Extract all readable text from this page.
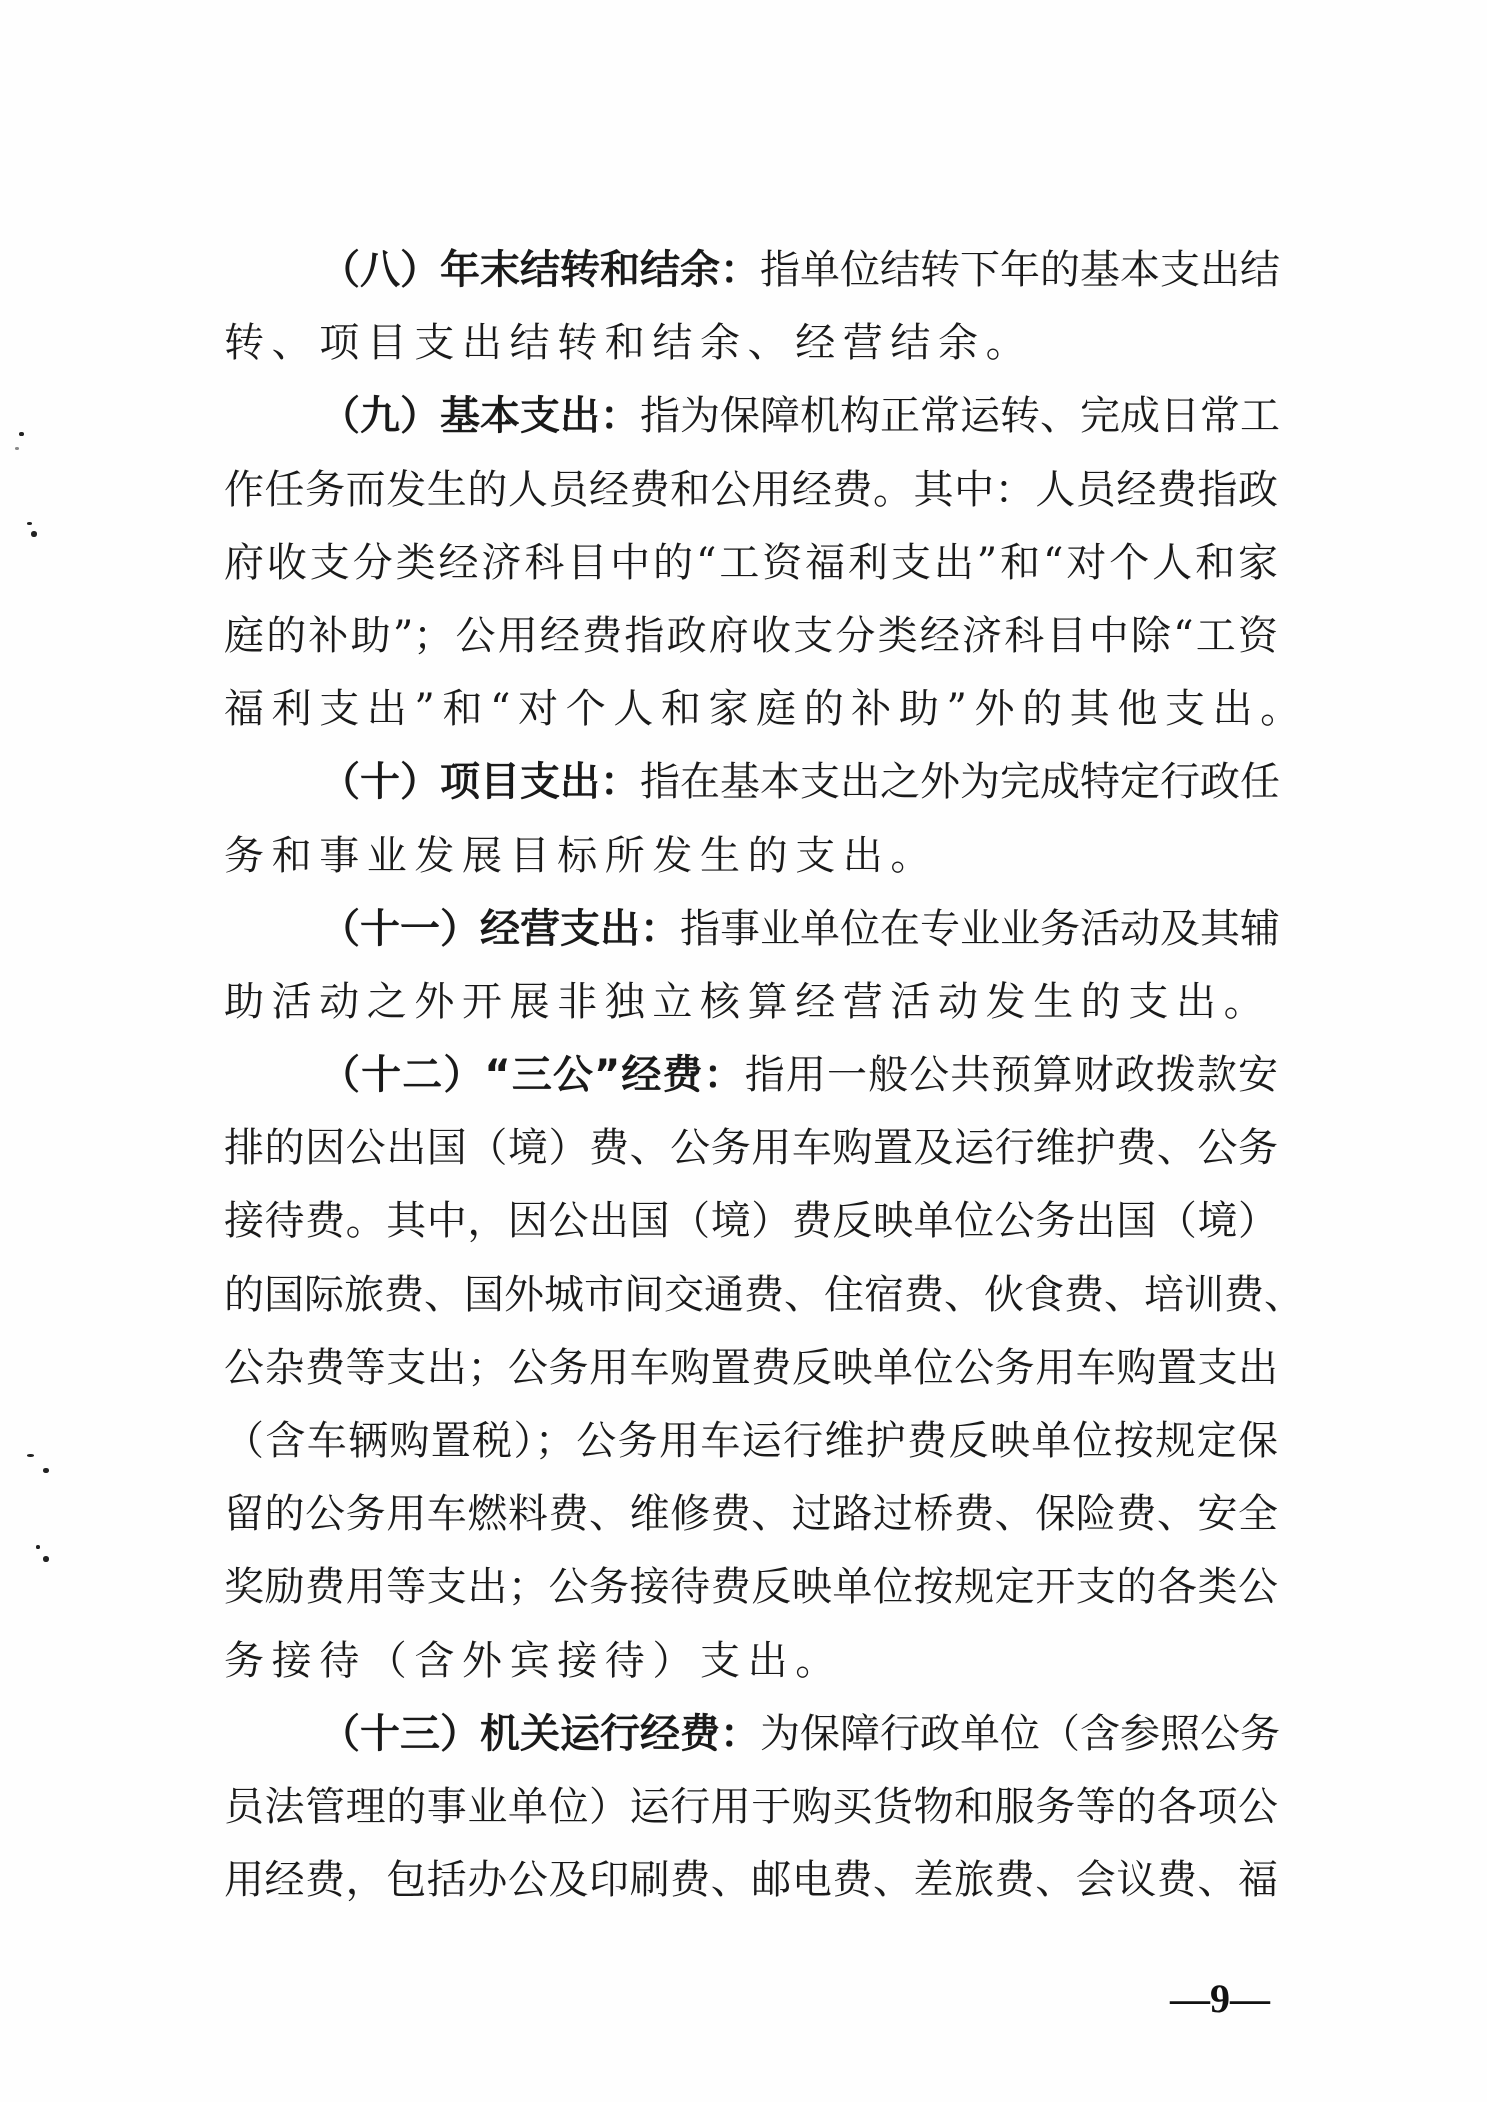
（八）年末结转和结余：指单位结转下年的基本支出结
转、项目支出结转和结余、经营结余。
（九）基本支出：指为保障机构正常运转、完成日常工
作任务而发生的人员经费和公用经费。其中：人员经费指政
府收支分类经济科目中的“工资福利支出”和“对个人和家
庭的补助”；公用经费指政府收支分类经济科目中除“工资
福利支出”和“对个人和家庭的补助”外的其他支出。
（十）项目支出：指在基本支出之外为完成特定行政任
务和事业发展目标所发生的支出。
（十一）经营支出：指事业单位在专业业务活动及其辅
助活动之外开展非独立核算经营活动发生的支出。
（十二）“三公”经费：指用一般公共预算财政拨款安
排的因公出国（境）费、公务用车购置及运行维护费、公务
接待费。其中，因公出国（境）费反映单位公务出国（境）
的国际旅费、国外城市间交通费、住宿费、伙食费、培训费、
公杂费等支出；公务用车购置费反映单位公务用车购置支出
（含车辆购置税）；公务用车运行维护费反映单位按规定保
留的公务用车燃料费、维修费、过路过桥费、保险费、安全
奖励费用等支出；公务接待费反映单位按规定开支的各类公
务接待（含外宾接待）支出。
（十三）机关运行经费：为保障行政单位（含参照公务
员法管理的事业单位）运行用于购买货物和服务等的各项公
用经费，包括办公及印刷费、邮电费、差旅费、会议费、福
—9—
